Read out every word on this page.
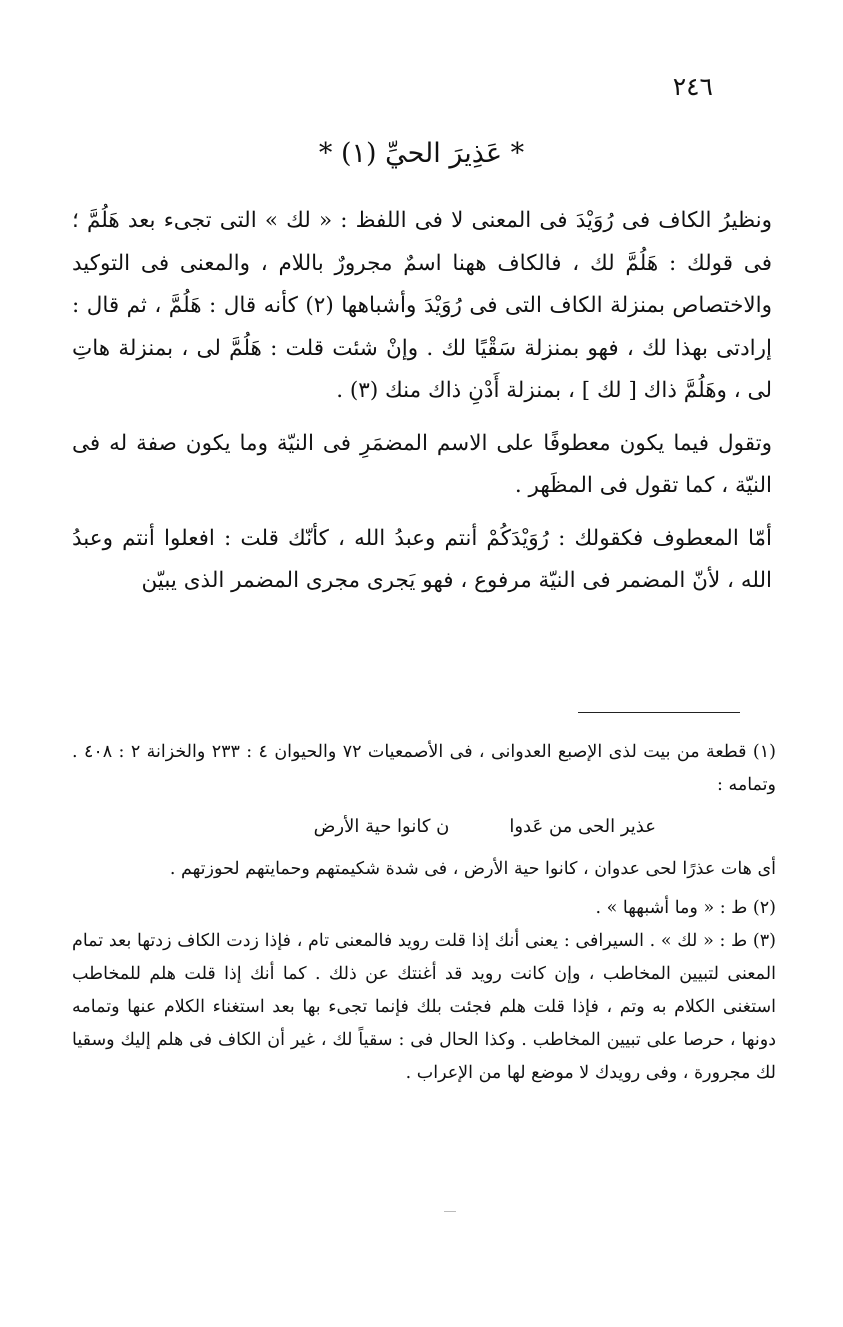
٢٤٦
* عَذِيرَ الحيِّ (١) *

ونظيرُ الكاف فى رُوَيْدَ فى المعنى لا فى اللفظ : « لك » التى تجىء بعد هَلُمَّ ؛ فى قولك : هَلُمَّ لك ، فالكاف ههنا اسمٌ مجرورٌ باللام ، والمعنى فى التوكيد والاختصاص بمنزلة الكاف التى فى رُوَيْدَ وأشباهها (٢) كأنه قال : هَلُمَّ ، ثم قال : إرادتى بهذا لك ، فهو بمنزلة سَقْيًا لك . وإنْ شئت قلت : هَلُمَّ لى ، بمنزلة هاتِ لى ، وهَلُمَّ ذاك [ لك ] ، بمنزلة أَدْنِ ذاك منك (٣) .

وتقول فيما يكون معطوفًا على الاسم المضمَرِ فى النيّة وما يكون صفة له فى النيّة ، كما تقول فى المظَهر .

أمّا المعطوف فكقولك : رُوَيْدَكُمْ أنتم وعبدُ الله ، كأنّك قلت : افعلوا أنتم وعبدُ الله ، لأنّ المضمر فى النيّة مرفوع ، فهو يَجرى مجرى المضمر الذى يبيّن

(١) قطعة من بيت لذى الإصبع العدوانى ، فى الأصمعيات ٧٢ والحيوان ٤ : ٢٣٣ والخزانة ٢ : ٤٠٨ . وتمامه :

عذير الحى من عَدوا
ن كانوا حية الأرض

أى هات عذرًا لحى عدوان ، كانوا حية الأرض ، فى شدة شكيمتهم وحمايتهم لحوزتهم .

(٢) ط : « وما أشبهها » .

(٣) ط : « لك » . السيرافى : يعنى أنك إذا قلت رويد فالمعنى تام ، فإذا زدت الكاف زدتها بعد تمام المعنى لتبيين المخاطب ، وإن كانت رويد قد أغنتك عن ذلك . كما أنك إذا قلت هلم للمخاطب استغنى الكلام به وتم ، فإذا قلت هلم فجئت بلك فإنما تجىء بها بعد استغناء الكلام عنها وتمامه دونها ، حرصا على تبيين المخاطب . وكذا الحال فى : سقياً لك ، غير أن الكاف فى هلم إليك وسقيا لك مجرورة ، وفى رويدك لا موضع لها من الإعراب .
